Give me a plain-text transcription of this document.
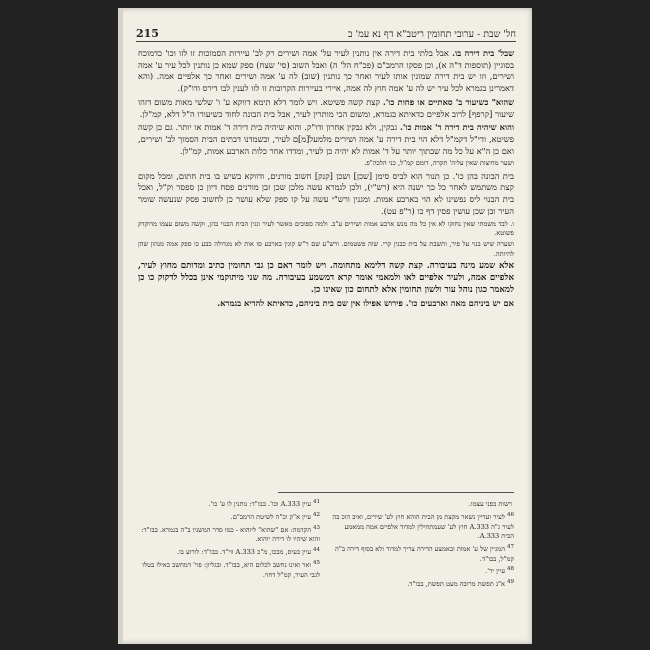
215	חל' שבת - ערובי תחומין ריטב"א דף נא עמ' ב

שבל' בית דירה בו. אבל בלתי בית דירה אין נותנין לעיר על' אמה ושירים רק לב' עיירות הסמוכות זו לזו וכו' כדמוכח בסוגיין (תוספות ד"ה א), וכן פסקו הרמב"ם (פכ"ח הל' ה) ואבל השוב (סי' שצח) ספק שמא כן נותנין לכל עיר ע' אמה ושירים, וזו יש בית דירה שמונין אותו לעיר ואחר כך נותנין (שוב) לה ע' אמה ושירים ואחר כך אלפיים אמה. (והא דאמרינן בגמרא לכל עיר יש לה ע' אמה חוץ לה אמה, איירי בעיירות הקרובות זו לזו לענין לבו דירס ודו"ק).

שהוא" כשיעור ב' סאתיים או פחות כו'. קצת קשה פשיטא. ויש לומר דלא תימא דווקא ע' ו' שלשי מאות משום דזהו שיעור [קרפף] לרוב אלפיים כדאיתא בגמרא, ומשום הכי מותרין לעיר, אבל בית הבונה לחוד כשיעורו ה"ל דלא, קמ"לן.

והוא שיהיה בית דירה ד' אמות כו'. גבקין, ולא גבקין אחרון ודו"ק. והוא שיהיה בית דירה ד' אמות או יותר. גם כן קשה פשיטא, ודי"ל דקמ"ל דלא הוי בית דירה ע' אמה ושירים מלמעל[מ]ם לעיר, וכשמדנו דבתים הבית הסמוך לב' ושירים, ואם כן ה"א על כל מה שבתוך יותר על ד' אמות לא יהיה כן לעיר, ומדדו אחר כלות הארבע אמות, קמ"לן.

ושער מחיצות שאין עליה' תקרה, דומם קמ"ל, כני הלכה"פ.

בית הבונה בהן כו'. כן תנור הוא לביס סימן [שכן] ושכן [קנק] חשוב מורנים, ודווקא בשיש בו בית חתום, ומכל מקום קצת משתמש לאחר כל כך ישנה היא (רש"י), ולכן לגמרא עשה מלכן שכן זבן מורנים פסח דיון כן ספסר וק"ל, ואכל בית הבנוי ליס נפשינו לא הוי בארבע אמות. ומגנין ורש"י עשה על קו ספק שלא עושר כן לחשוב פסק שנעשה שומר העיר ובן שכן עושין פסין דף כו (ר"פ עט).

ו. לבד משמתי שאין נחזקו לא אין כל מה מנש ארבע אמות ושירים ע"ב. ולמה ספוכים מאשר לעיר וגגין הבית הבנוי בהן, וקשה משום עצמו מדוקדק פשוטא.

ושערה שיש בנוי על פיר, ותשבת על בית כבנין קרי. שוה פשטמים. ורש"ע שם ר"ש קוגין בארבע סו אות לא מגדולה כבע כו ספק אמה מנהון שהן להיותה.

אלא שמע מינה בעיבורה. קצת קשה דלימא מתחומה. ויש לומר דאם כן גבי תחומין כתיב ומדותם מחוץ לעיר, אלפיים אמה, ולעיר אלפיים לאו ולמאמי אומר קרא דמשמע בעיבורה. מה שני מיתוקמי אינן בכלל לדקוק כו כן למאמר כגון נוהל עור ולשון תחומין אלא לתחום כון שאינו כן.

אם יש ביניהם מאה וארבעים כו'. פירוש אפילו אין שם בית ביניהם, כדאיתא להדיא בגמרא.

$^{41}$עיין A.333 וכו'. בבו"ד: נותנין לו ע' כו'.
$^{42}$עיין א"ק וכ"ה לשיטת הרמב"ם.
$^{43}$הקדמה: אם "שהוא" ליוהוא - כמו סדר המשניו ב"ה בגמרא. בבו"ד: והוא שיהיו לו דירה יוהוא.
$^{44}$עיין בעיס, מבכו, מ"כ A.333 ווי"ד. בבו"ד: לורוע בו.
$^{45}$ואר ואינו נחשב לכלום היא, בבו"ד. ובגליון: פוי' דמחשב כאילו בטלו לגבי העיר, קמ"ל דחוי.
רשות בפני עצמו.
$^{46}$לעיר ועדיין נשאר מקצת מן הבית הוהא חוץ לע' שירים, ואיב הוכ בה לעיר ג"ה A.333 חוץ לע' שעמתחילין למדוד אלפיים אמה ממאמע הבית A.333.
$^{47}$המגיין של ע' אמות ובאמצע הדירה צריך למדוד ולא בסוף דירה ב"ה קמ"ל, בבו"ד.
$^{48}$עיין יר'.
$^{49}$א"נ תפשת מרובה מעט תפשת, בבו"ד.
